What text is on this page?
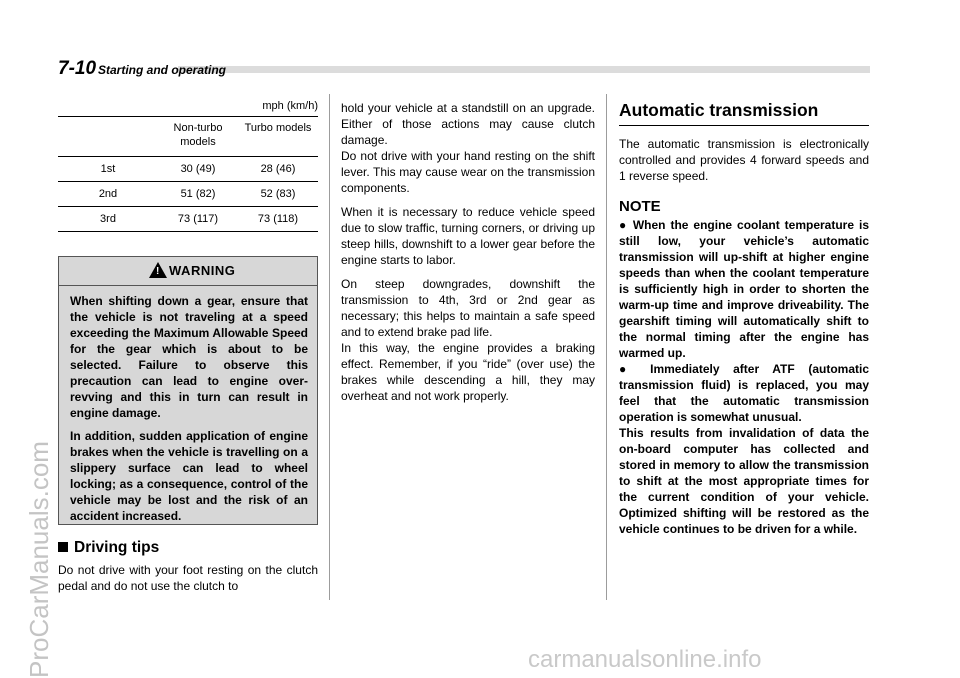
7-10 Starting and operating
ProCarManuals.com	carmanualsonline.info
mph (km/h)
	Non-turbo models	Turbo models
1st	30 (49)	28 (46)
2nd	51 (82)	52 (83)
3rd	73 (117)	73 (118)
!
WARNING

When shifting down a gear, ensure that the vehicle is not traveling at a speed exceeding the Maximum Allowable Speed for the gear which is about to be selected. Failure to observe this precaution can lead to engine over-revving and this in turn can result in engine damage.

In addition, sudden application of engine brakes when the vehicle is travelling on a slippery surface can lead to wheel locking; as a consequence, control of the vehicle may be lost and the risk of an accident increased.

Driving tips
Do not drive with your foot resting on the clutch pedal and do not use the clutch to

hold your vehicle at a standstill on an upgrade. Either of those actions may cause clutch damage.
Do not drive with your hand resting on the shift lever. This may cause wear on the transmission components.

When it is necessary to reduce vehicle speed due to slow traffic, turning corners, or driving up steep hills, downshift to a lower gear before the engine starts to labor.

On steep downgrades, downshift the transmission to 4th, 3rd or 2nd gear as necessary; this helps to maintain a safe speed and to extend brake pad life.
In this way, the engine provides a braking effect. Remember, if you “ride” (over use) the brakes while descending a hill, they may overheat and not work properly.

Automatic transmission
The automatic transmission is electronically controlled and provides 4 forward speeds and 1 reverse speed.
NOTE

● When the engine coolant temperature is still low, your vehicle’s automatic transmission will up-shift at higher engine speeds than when the coolant temperature is sufficiently high in order to shorten the warm-up time and improve driveability. The gearshift timing will automatically shift to the normal timing after the engine has warmed up.

● Immediately after ATF (automatic transmission fluid) is replaced, you may feel that the automatic transmission operation is somewhat unusual.

This results from invalidation of data the on-board computer has collected and stored in memory to allow the transmission to shift at the most appropriate times for the current condition of your vehicle. Optimized shifting will be restored as the vehicle continues to be driven for a while.
